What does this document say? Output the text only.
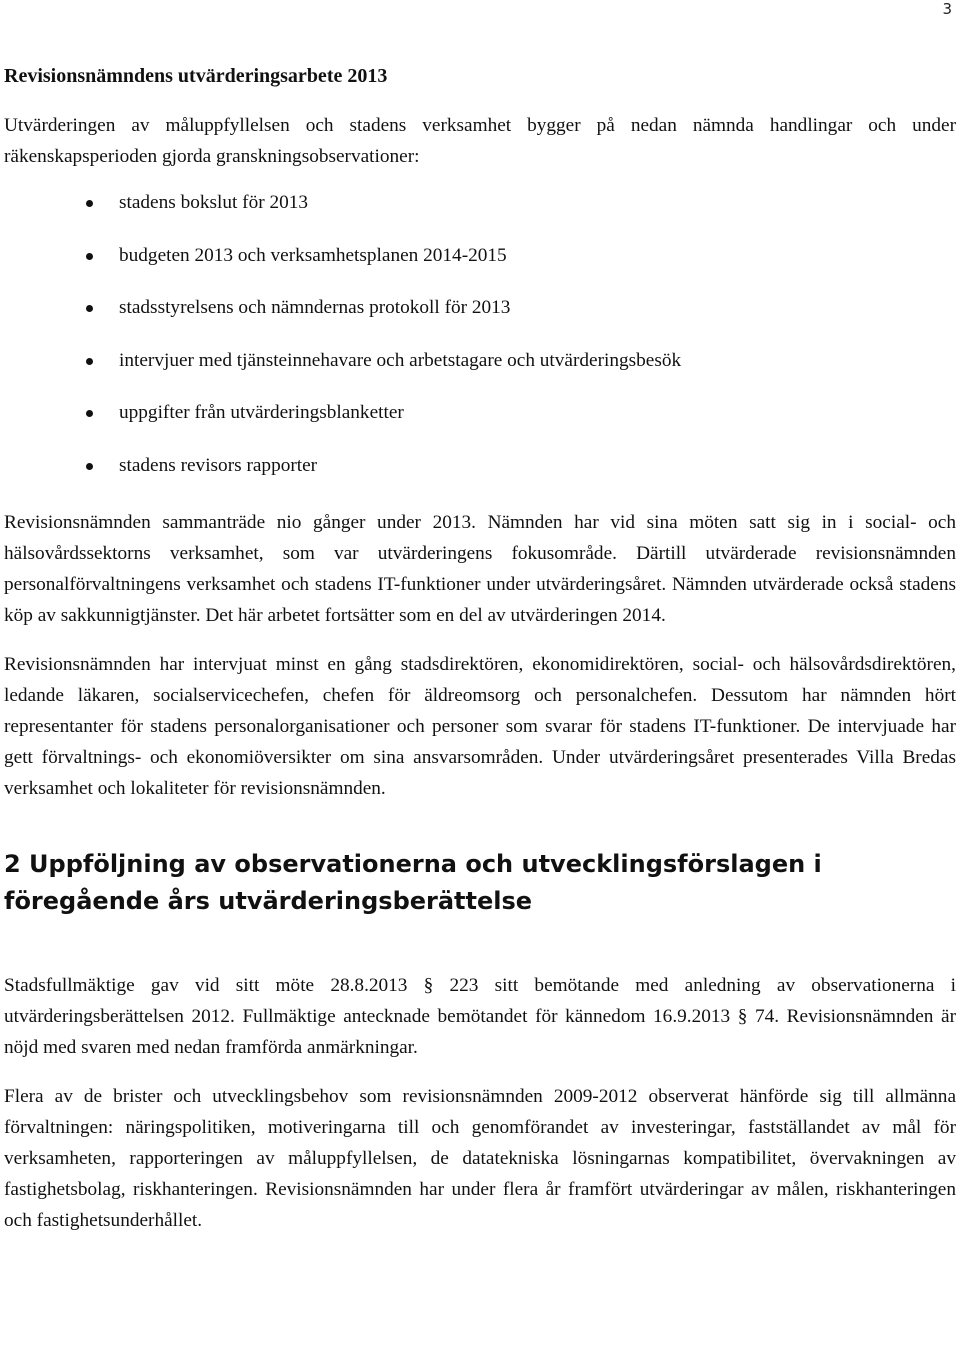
3
Revisionsnämndens utvärderingsarbete 2013

Utvärderingen av måluppfyllelsen och stadens verksamhet bygger på nedan nämnda handlingar och under räkenskapsperioden gjorda granskningsobservationer:

stadens bokslut för 2013
budgeten 2013 och verksamhetsplanen 2014-2015
stadsstyrelsens och nämndernas protokoll för 2013
intervjuer med tjänsteinnehavare och arbetstagare och utvärderingsbesök
uppgifter från utvärderingsblanketter
stadens revisors rapporter

Revisionsnämnden sammanträde nio gånger under 2013. Nämnden har vid sina möten satt sig in i social- och hälsovårdssektorns verksamhet, som var utvärderingens fokusområde. Därtill utvärderade revisionsnämnden personalförvaltningens verksamhet och stadens IT-funktioner under utvärderingsåret. Nämnden utvärderade också stadens köp av sakkunnigtjänster. Det här arbetet fortsätter som en del av utvärderingen 2014.

Revisionsnämnden har intervjuat minst en gång stadsdirektören, ekonomidirektören, social- och hälsovårdsdirektören, ledande läkaren, socialservicechefen, chefen för äldreomsorg och personalchefen. Dessutom har nämnden hört representanter för stadens personalorganisationer och personer som svarar för stadens IT-funktioner. De intervjuade har gett förvaltnings- och ekonomiöversikter om sina ansvarsområden. Under utvärderingsåret presenterades Villa Bredas verksamhet och lokaliteter för revisionsnämnden.

2 Uppföljning av observationerna och utvecklingsförslagen i föregående års utvärderingsberättelse

Stadsfullmäktige gav vid sitt möte 28.8.2013 § 223 sitt bemötande med anledning av observationerna i utvärderingsberättelsen 2012. Fullmäktige antecknade bemötandet för kännedom 16.9.2013 § 74. Revisionsnämnden är nöjd med svaren med nedan framförda anmärkningar.

Flera av de brister och utvecklingsbehov som revisionsnämnden 2009-2012 observerat hänförde sig till allmänna förvaltningen: näringspolitiken, motiveringarna till och genomförandet av investeringar, fastställandet av mål för verksamheten, rapporteringen av måluppfyllelsen, de datatekniska lösningarnas kompatibilitet, övervakningen av fastighetsbolag, riskhanteringen. Revisionsnämnden har under flera år framfört utvärderingar av målen, riskhanteringen och fastighetsunderhållet.
